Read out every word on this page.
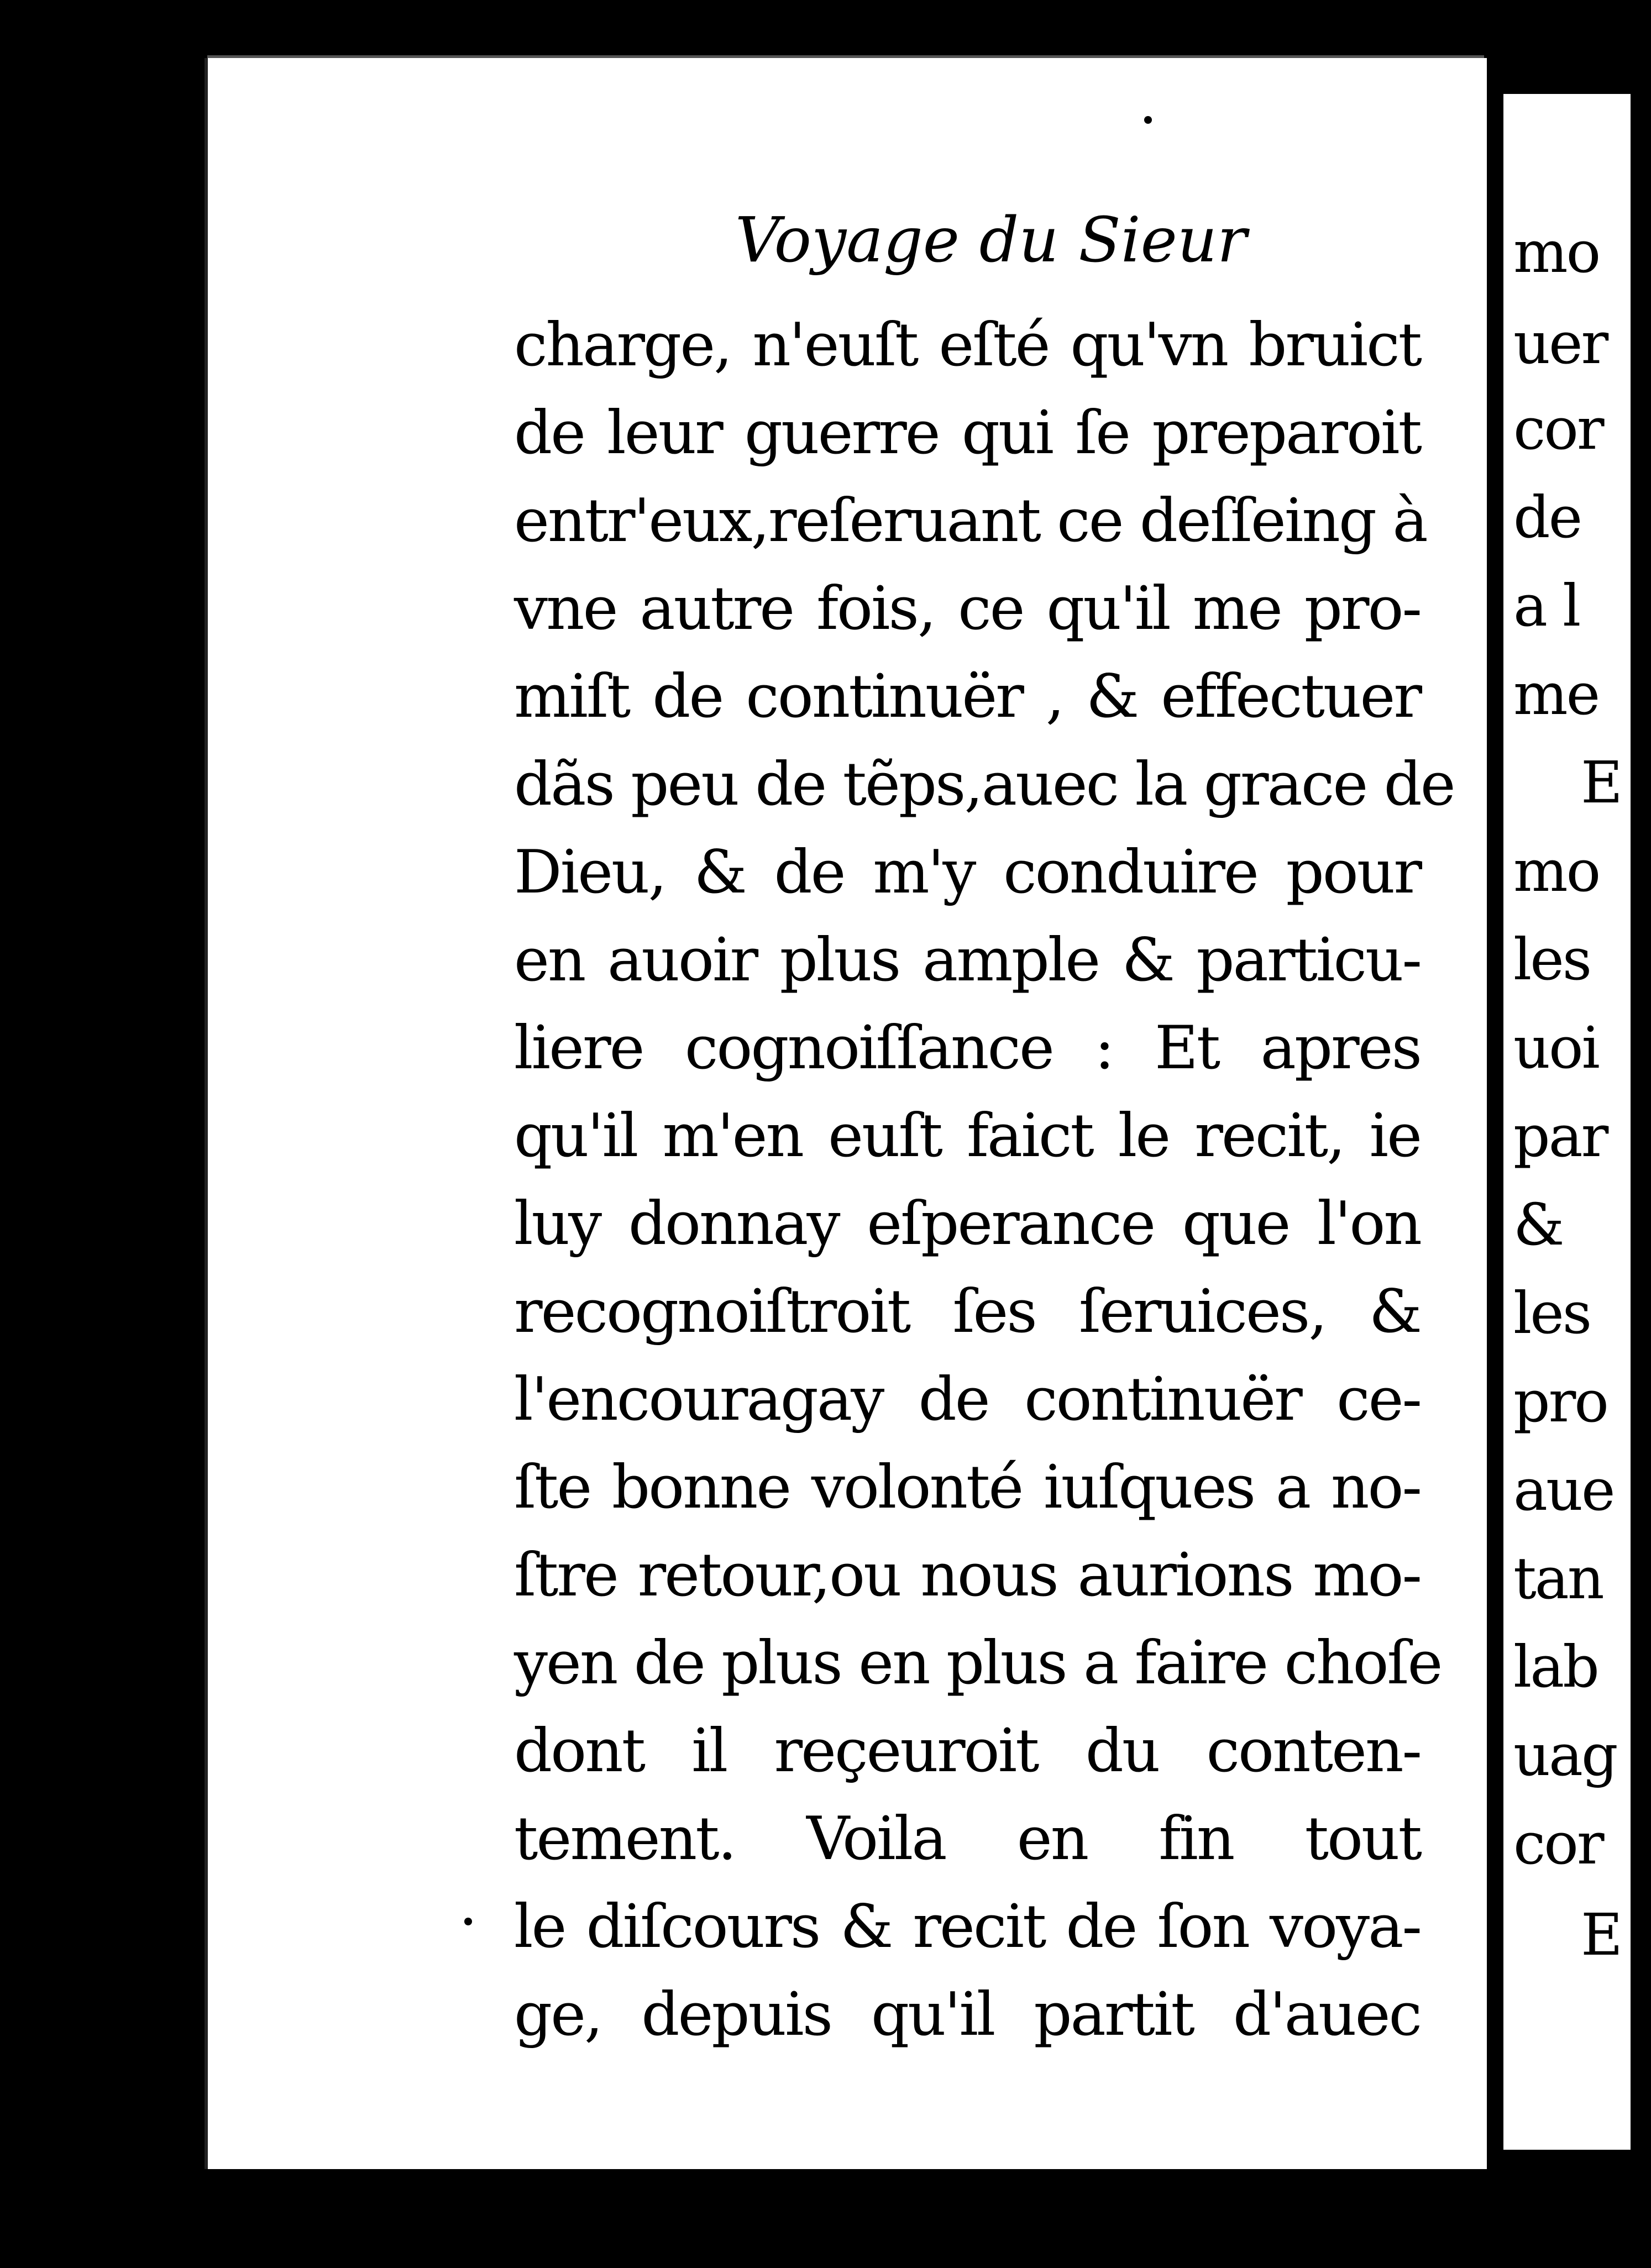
Voyage du Sieur
charge, n'euſt eſté qu'vn bruict
de leur guerre qui ſe preparoit
entr'eux,reſeruant ce deſſeing à
vne autre fois, ce qu'il me pro-
miſt de continuër , & effectuer
dãs peu de tẽps,auec la grace de
Dieu, & de m'y conduire pour
en auoir plus ample & particu-
liere cognoiſſance : Et apres
qu'il m'en euſt faict le recit, ie
luy donnay eſperance que l'on
recognoiſtroit ſes ſeruices, &
l'encouragay de continuër ce-
ſte bonne volonté iuſques a no-
ſtre retour,ou nous aurions mo-
yen de plus en plus a faire choſe
dont il reçeuroit du conten-
tement. Voila en fin tout
le diſcours & recit de ſon voya-
ge, depuis qu'il partit d'auec
mo
uer
cor
de
a l
me
E
mo
les
uoi
par
&
les
pro
aue
tan
lab
uag
cor
E
